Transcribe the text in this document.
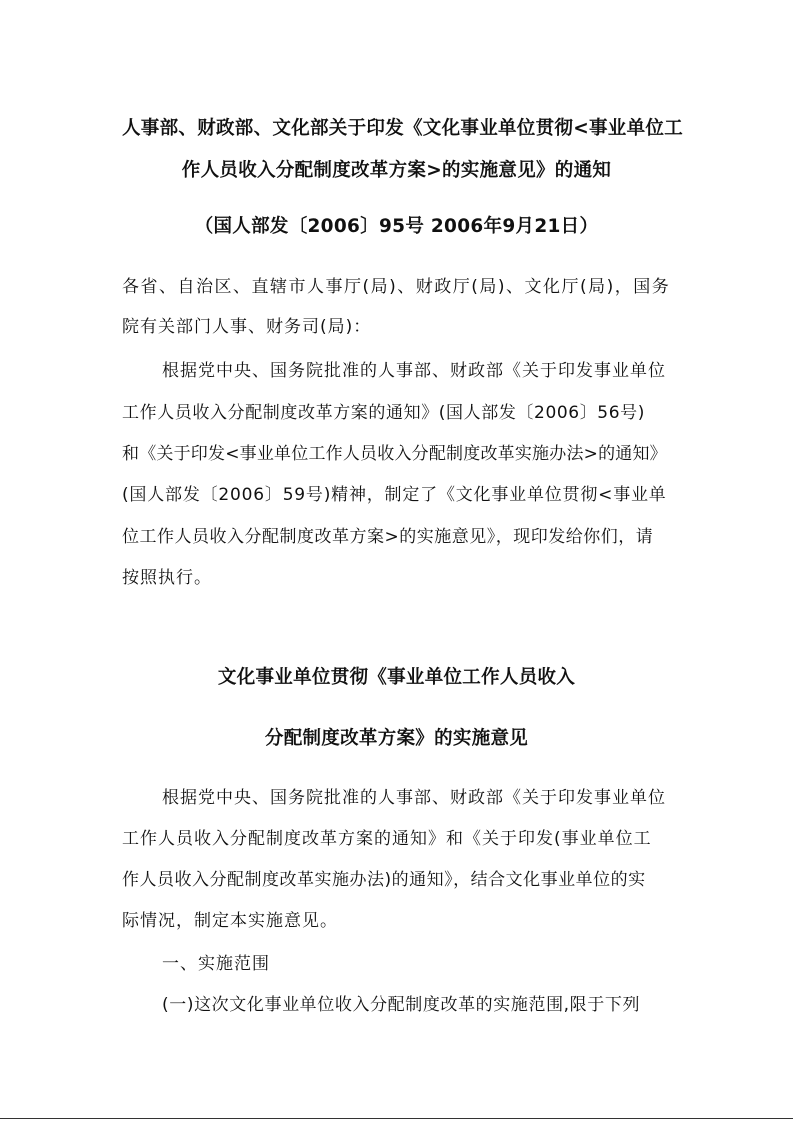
人事部、财政部、文化部关于印发《文化事业单位贯彻<事业单位工
作人员收入分配制度改革方案>的实施意见》的通知
（国人部发〔2006〕95号 2006年9月21日）
各省、自治区、直辖市人事厅(局)、财政厅(局)、文化厅(局)，国务
院有关部门人事、财务司(局)：
根据党中央、国务院批准的人事部、财政部《关于印发事业单位
工作人员收入分配制度改革方案的通知》(国人部发〔2006〕56号)
和《关于印发<事业单位工作人员收入分配制度改革实施办法>的通知》
(国人部发〔2006〕59号)精神，制定了《文化事业单位贯彻<事业单
位工作人员收入分配制度改革方案>的实施意见》，现印发给你们，请
按照执行。
文化事业单位贯彻《事业单位工作人员收入
分配制度改革方案》的实施意见
根据党中央、国务院批准的人事部、财政部《关于印发事业单位
工作人员收入分配制度改革方案的通知》和《关于印发(事业单位工
作人员收入分配制度改革实施办法)的通知》，结合文化事业单位的实
际情况，制定本实施意见。
一、实施范围
(一)这次文化事业单位收入分配制度改革的实施范围,限于下列
